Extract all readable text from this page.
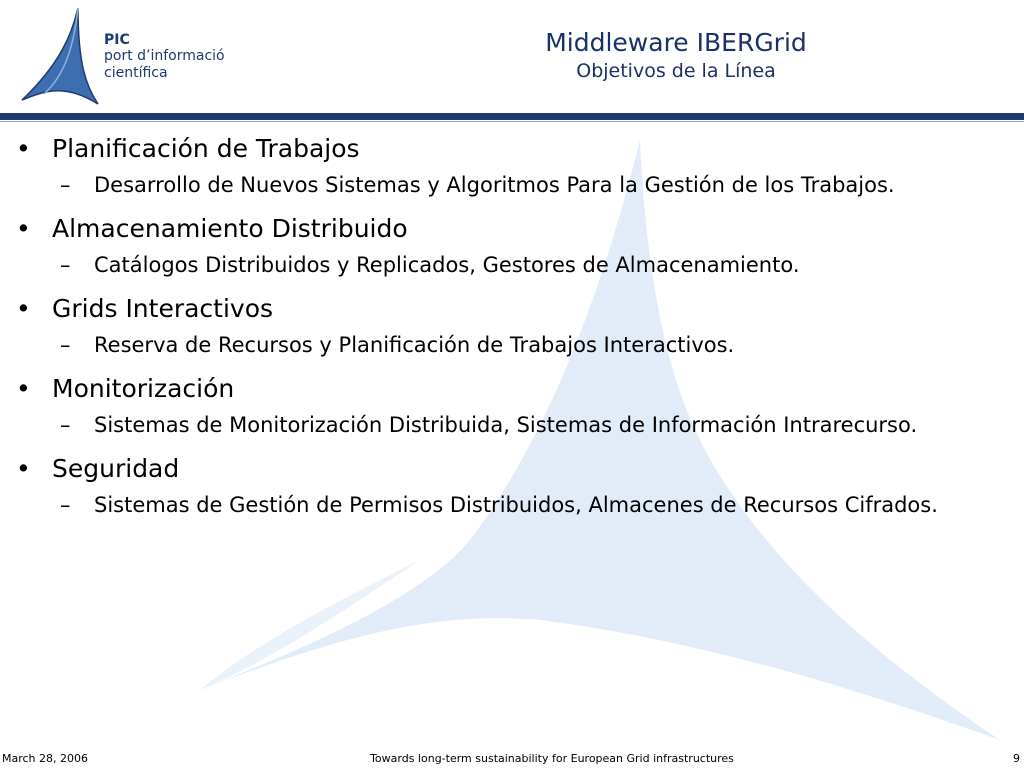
PIC
port d’informació
científica
Middleware IBERGrid
Objetivos de la Línea
• Planificación de Trabajos
–	Desarrollo de Nuevos Sistemas y Algoritmos Para la Gestión de los Trabajos.
• Almacenamiento Distribuido
–	Catálogos Distribuidos y Replicados, Gestores de Almacenamiento.
• Grids Interactivos
–	Reserva de Recursos y Planificación de Trabajos Interactivos.
• Monitorización
–	Sistemas de Monitorización Distribuida, Sistemas de Información Intrarecurso.
• Seguridad
–	Sistemas de Gestión de Permisos Distribuidos, Almacenes de Recursos Cifrados.
March 28, 2006	Towards long-term sustainability for European Grid infrastructures	9
